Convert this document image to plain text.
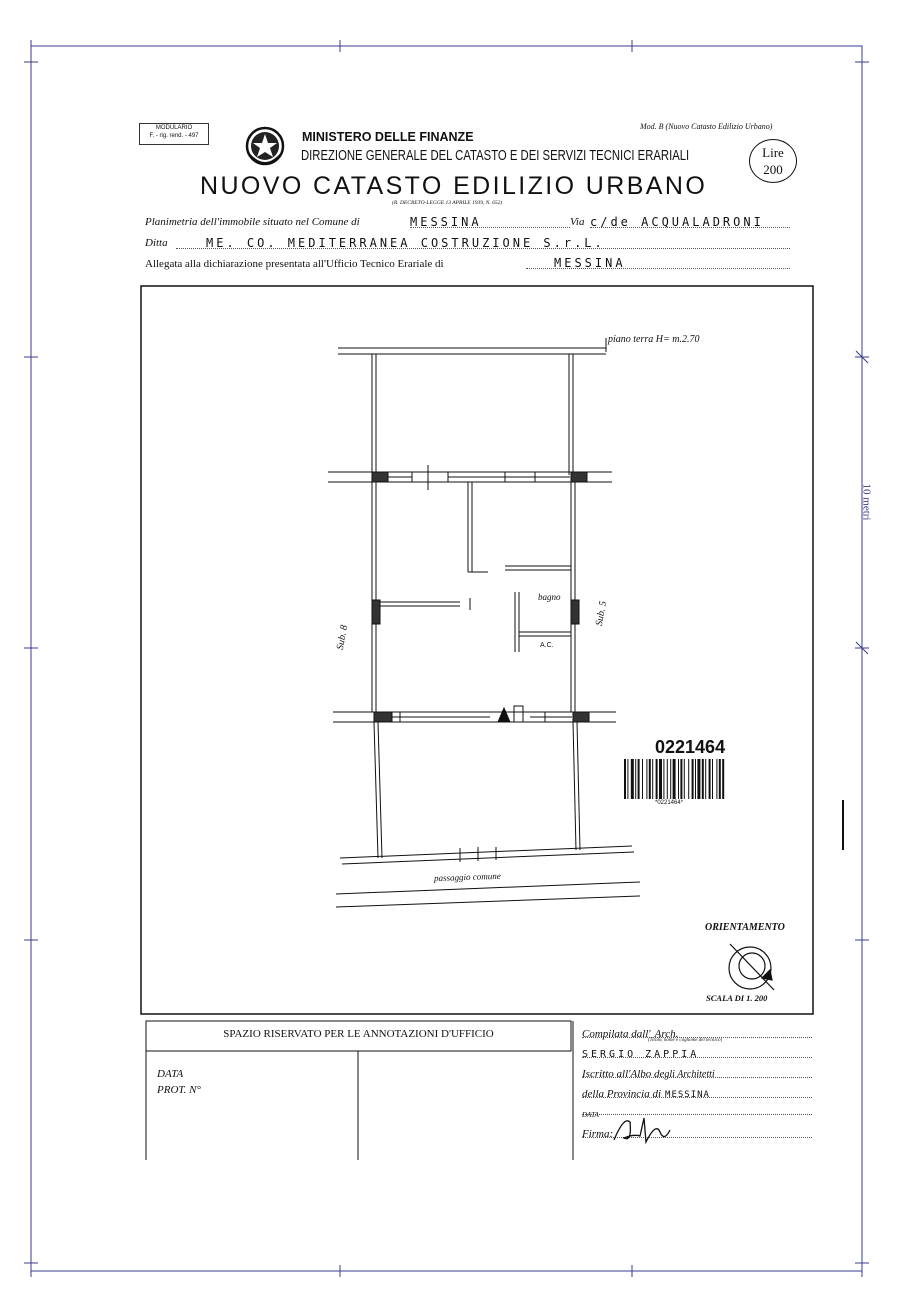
MODULARIO
F. - rig. rend. - 497
Mod. B (Nuovo Catasto Edilizio Urbano)
MINISTERO DELLE FINANZE
DIREZIONE GENERALE DEL CATASTO E DEI SERVIZI TECNICI ERARIALI	Lire
200
NUOVO CATASTO EDILIZIO URBANO
(R. DECRETO-LEGGE 13 APRILE 1939, N. 652)
Planimetria dell'immobile situato nel Comune di	MESSINA	Via c/de ACQUALADRONI
Ditta	ME. CO. MEDITERRANEA COSTRUZIONE S.r.L.
Allegata alla dichiarazione presentata all'Ufficio Tecnico Erariale di	MESSINA
piano terra H= m.2.70
Sub. 8
Sub. 5
bagno
A.C.
passaggio comune
0221464
*0221464*
ORIENTAMENTO
SCALA DI 1. 200
10 metri
SPAZIO RISERVATO PER LE ANNOTAZIONI D'UFFICIO
DATA
PROT. N°
Compilata dall' Arch.
(Titolo, nome e cognome del tecnico)
SERGIO ZAPPIA
Iscritto all'Albo degli Architetti
della Provincia di MESSINA
DATA
Firma:
